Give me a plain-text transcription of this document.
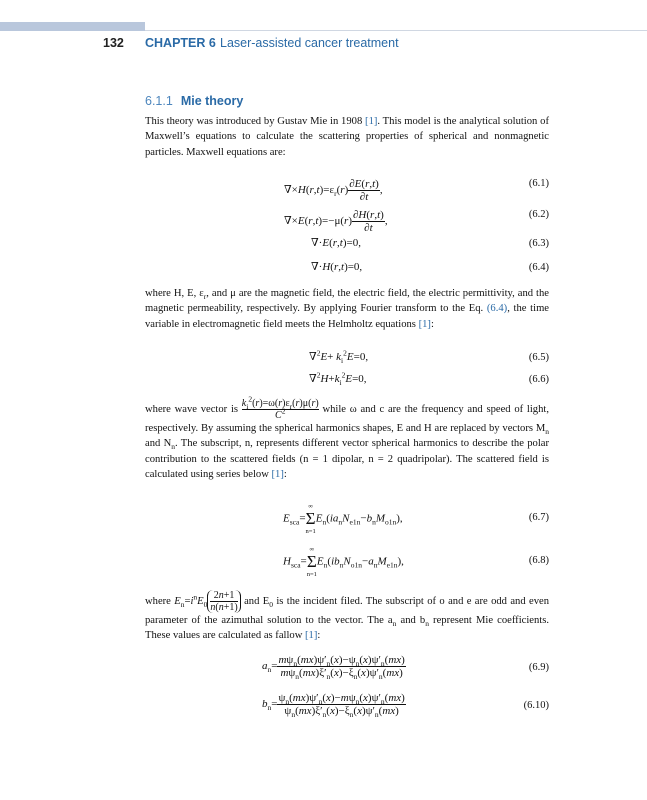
132 CHAPTER 6 Laser-assisted cancer treatment
6.1.1 Mie theory

This theory was introduced by Gustav Mie in 1908 [1]. This model is the analytical solution of Maxwell’s equations to calculate the scattering properties of spherical and nonmagnetic particles. Maxwell equations are:

$\nabla\times H(r,t)=\varepsilon_r(r) \frac{\partial E(r,t)}{\partial t}$ ,
(6.1)
$\nabla\times E(r,t)=-\mu(r) \frac{\partial H(r,t)}{\partial t}$ ,
(6.2)
∇·E(r,t)=0,	(6.3)
∇·H(r,t)=0,	(6.4)

where H, E, $\varepsilon_r$, and μ are the magnetic field, the electric field, the electric permittivity, and the magnetic permeability, respectively. By applying Fourier transform to the Eq. (6.4), the time variable in electromagnetic field meets the Helmholtz equations [1]:

$\nabla^2E+ k_i^2E=0$,	(6.5)
$\nabla^2H+k_i^2E=0$,	(6.6)

where wave vector is $\frac{k_i^2(r)=\omega(r)\varepsilon_r(r)\mu(r)}{C^2}$ while ω and c are the frequency and speed of light, respectively. By assuming the spherical harmonics shapes, E and H are replaced by vectors $M_n$ and $N_n$. The subscript, n, represents different vector spherical harmonics to describe the polar contribution to the scattered fields (n = 1 dipolar, n = 2 quadripolar). The scattered field is calculated using series below [1]:

$E_{sca}=$
∞
Σ
n=1
$E_n(ia_nN_{e1n}-b_nM_{o1n})$,	(6.7)
$H_{sca}=$
∞
Σ
n=1
$E_n(ib_nN_{o1n}-a_nM_{e1n})$,	(6.8)

where $E_n=i^nE_0 \frac{2n+1}{n(n+1)}$ and $E_0$ is the incident filed. The subscript of o and e are odd and even parameter of the azimuthal solution to the vector. The $a_n$ and $b_n$ represent Mie coefficients. These values are calculated as fallow [1]:

$a_n= \frac{m\psi_n(mx)\psi'_n(x)-\psi_n(x)\psi'_n(mx)}{m\psi_n(mx)\xi'_n(x)-\xi_n(x)\psi'_n(mx)}$	(6.9)
$b_n= \frac{\psi_n(mx)\psi'_n(x)-m\psi_n(x)\psi'_n(mx)}{\psi_n(mx)\xi'_n(x)-\xi_n(x)\psi'_n(mx)}$	(6.10)
